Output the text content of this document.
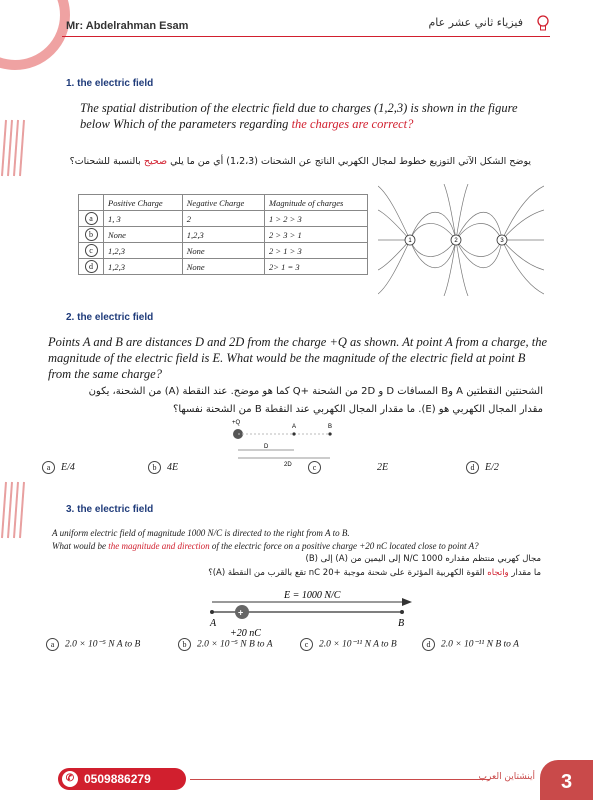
Mr: Abdelrahman Esam	فيزياء ثاني عشر عام
1. the electric field
The spatial distribution of the electric field due to charges (1,2,3) is shown in the figure below Which of the parameters regarding the charges are correct?
يوضح الشكل الآتي التوزيع خطوط لمجال الكهربي الناتج عن الشحنات (1،2،3) أي من ما يلي صحيح بالنسبة للشحنات؟
	Positive Charge	Negative Charge	Magnitude of charges
a	1, 3	2	1 > 2 > 3
b	None	1,2,3	2 > 3 > 1
c	1,2,3	None	2 > 1 > 3
d	1,2,3	None	2> 1 = 3
1	2	3
2. the electric field
Points A and B are distances D and 2D from the charge +Q as shown. At point A from a charge, the magnitude of the electric field is E. What would be the magnitude of the electric field at point B from the same charge?
الشحنتين النقطتين A وB المسافات D و 2D من الشحنة +Q كما هو موضح. عند النقطة (A) من الشحنة، يكون
مقدار المجال الكهربي هو (E). ما مقدار المجال الكهربي عند النقطة B من الشحنة نفسها؟
+Q
A	B
D
2D
a E/4	b 4E	c	2E	d E/2
3. the electric field
A uniform electric field of magnitude 1000 N/C is directed to the right from A to B.
What would be the magnitude and direction of the electric force on a positive charge +20 nC located close to point A?
مجال كهربي منتظم مقداره 1000 N/C إلى اليمين من (A) إلى (B)
ما مقدار واتجاه القوة الكهربية المؤثرة على شحنة موجبة +20 nC تقع بالقرب من النقطة (A)؟
E = 1000 N/C
A	B
+20 nC
+
a 2.0 × 10⁻⁵ N A to B	b 2.0 × 10⁻⁵ N B to A	c 2.0 × 10⁻¹¹ N A to B	d 2.0 × 10⁻¹¹ N B to A
✆ 0509886279	أينشتاين العرب	3
